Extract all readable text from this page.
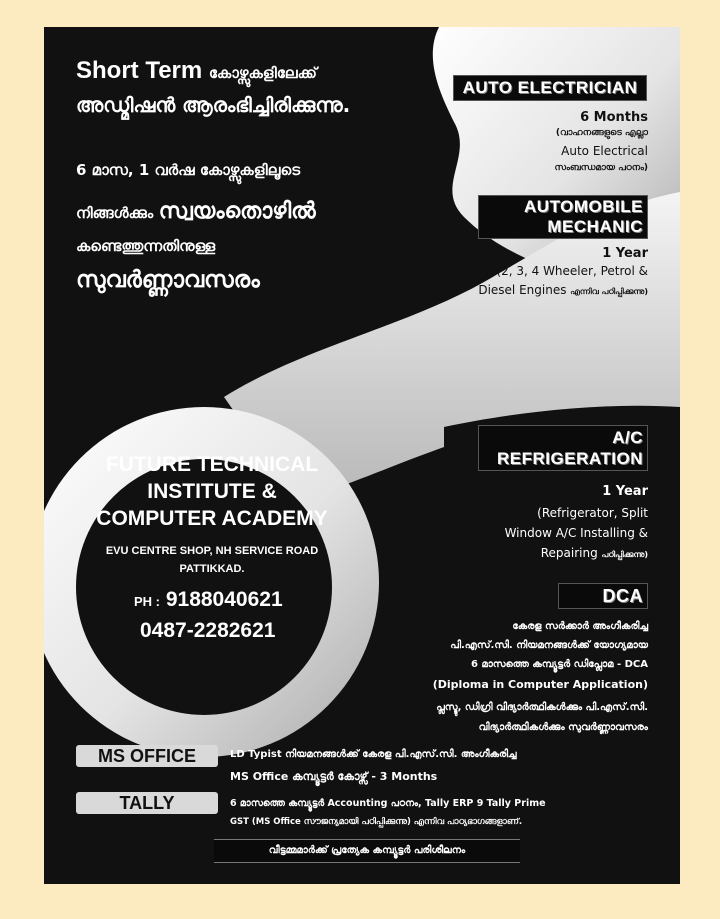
Short Term കോഴ്സുകളിലേക്ക്
അഡ്മിഷൻ ആരംഭിച്ചിരിക്കുന്നു.
6 മാസ, 1 വർഷ കോഴ്സുകളിലൂടെ
നിങ്ങൾക്കും സ്വയംതൊഴിൽ
കണ്ടെത്തുന്നതിനുള്ള
സുവർണ്ണാവസരം
AUTO ELECTRICIAN
6 Months
(വാഹനങ്ങളുടെ എല്ലാ
Auto Electrical
സംബന്ധമായ പഠനം)
AUTOMOBILE
MECHANIC
1 Year
(2, 3, 4 Wheeler, Petrol &
Diesel Engines എന്നിവ പഠിപ്പിക്കുന്നു)
A/C
REFRIGERATION
1 Year
(Refrigerator, Split
Window A/C Installing &
Repairing പഠിപ്പിക്കുന്നു)
DCA
കേരള സർക്കാർ അംഗീകരിച്ച
പി.എസ്.സി. നിയമനങ്ങൾക്ക് യോഗ്യമായ
6 മാസത്തെ കമ്പ്യൂട്ടർ ഡിപ്ലോമ - DCA
(Diploma in Computer Application)
പ്ലസ്ടു, ഡിഗ്രി വിദ്യാർത്ഥികൾക്കും പി.എസ്.സി.
വിദ്യാർത്ഥികൾക്കും സുവർണ്ണാവസരം
FUTURE TECHNICAL
INSTITUTE &
COMPUTER ACADEMY
EVU CENTRE SHOP, NH SERVICE ROAD
PATTIKKAD.
PH : 9188040621
0487-2282621
MS OFFICE	LD Typist നിയമനങ്ങൾക്ക് കേരള പി.എസ്.സി. അംഗീകരിച്ച
MS Office കമ്പ്യൂട്ടർ കോഴ്സ് - 3 Months
TALLY	6 മാസത്തെ കമ്പ്യൂട്ടർ Accounting പഠനം, Tally ERP 9 Tally Prime
GST (MS Office സൗജന്യമായി പഠിപ്പിക്കുന്നു) എന്നിവ പാഠ്യഭാഗങ്ങളാണ്.
വീട്ടമ്മമാർക്ക് പ്രത്യേക കമ്പ്യൂട്ടർ പരിശീലനം
